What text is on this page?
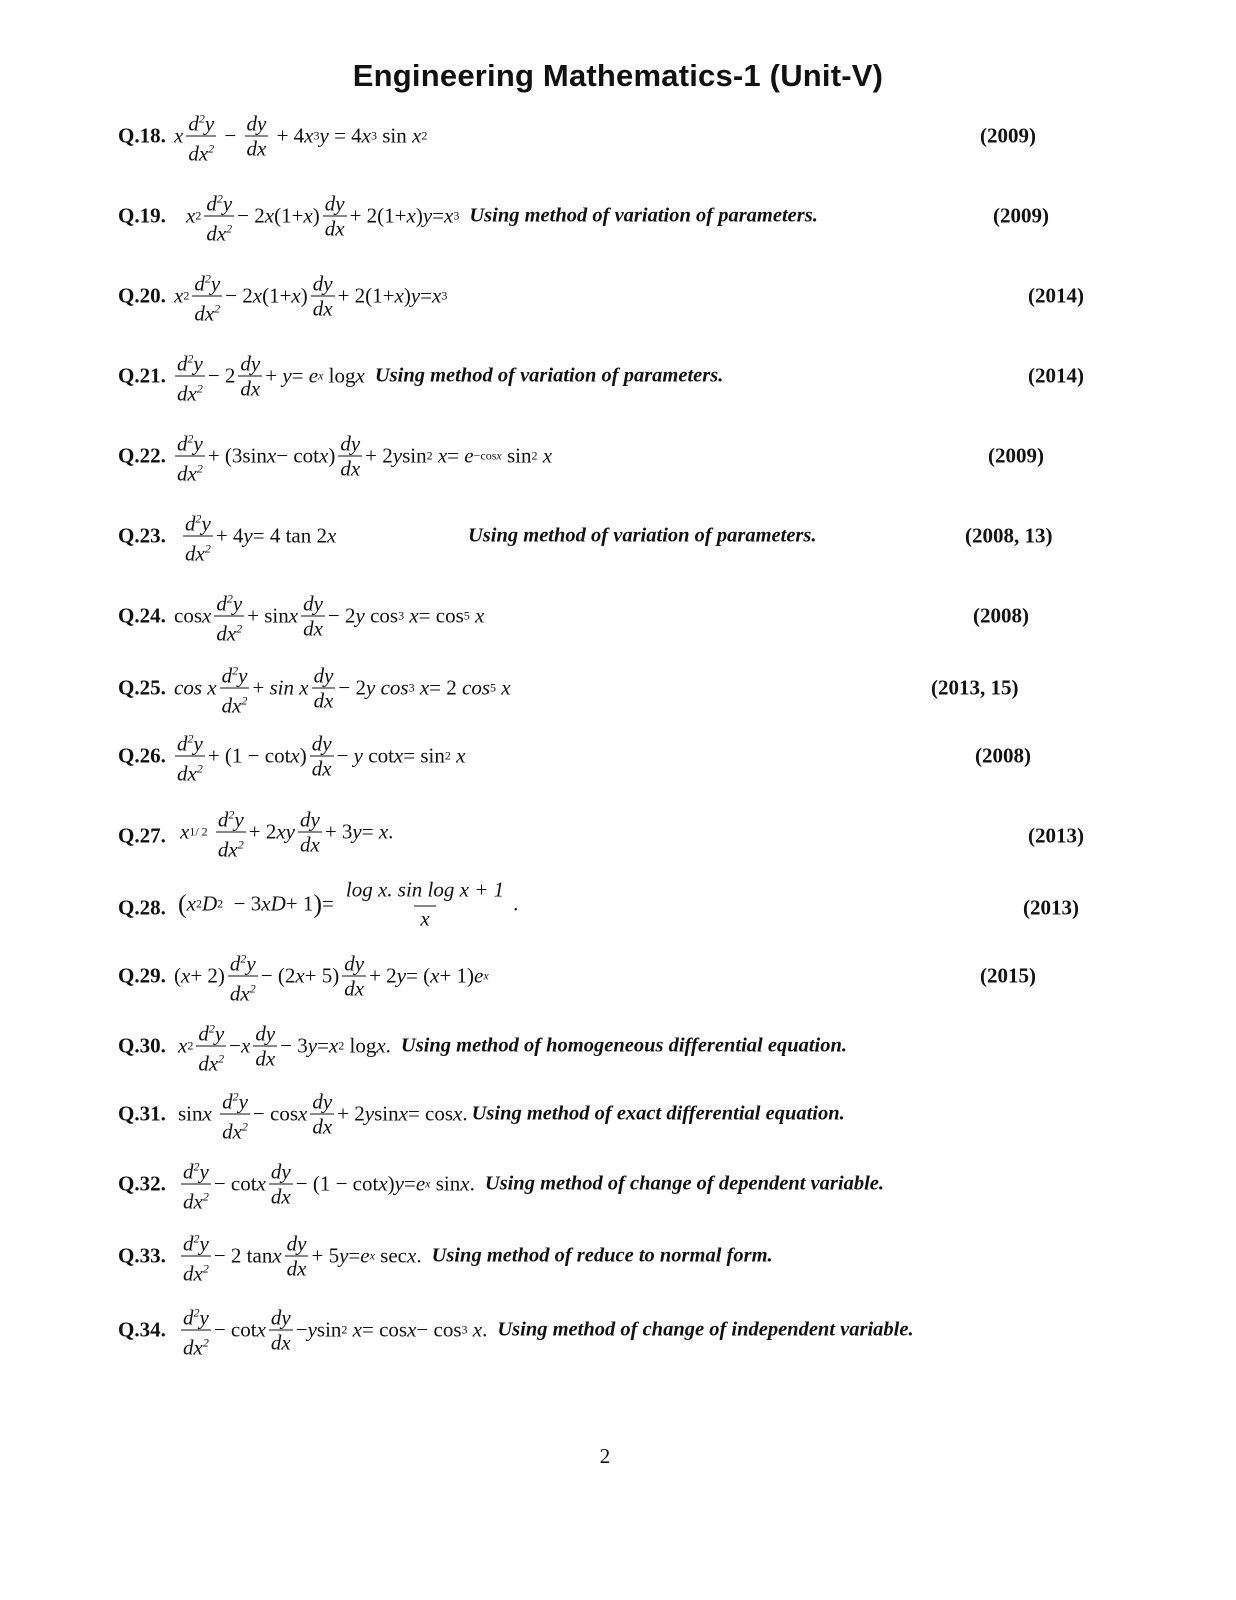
Engineering Mathematics-1 (Unit-V)
Q.18. x $\frac{d^2y}{dx^2} - \frac{dy}{dx} + 4$ x 3 y = 4 x 3 sin x 2	(2009)
Q.19. x $2 \frac{d^2y}{dx^2} - 2$ x (1+ x ) $\frac{dy}{dx} + 2(1+ x$ ) y = x 3 Using method of variation of parameters.	(2009)
Q.20. x $2 \frac{d^2y}{dx^2} - 2$ x (1+ x ) $\frac{dy}{dx} + 2(1+ x$ ) y = x 3	(2014)
Q.21. $\frac{d^2y}{dx^2} - 2 \frac{dy}{dx} + y = e$ x log x Using method of variation of parameters.	(2014)
Q.22. $\frac{d^2y}{dx^2} + (3\sin$ x − cot x ) $\frac{dy}{dx} + 2$ y sin 2 x = e −cosx sin 2 x	(2009)
Q.23. $\frac{d^2y}{dx^2} + 4$ y = 4 tan 2 x	Using method of variation of parameters.	(2008, 13)
Q.24. cos x $\frac{d^2y}{dx^2} + \sin x \frac{dy}{dx} - 2$ y cos 3 x = cos 5 x	(2008)
Q.25. cos x $\frac{d^2y}{dx^2} + \sin x \frac{dy}{dx} - 2$ y cos 3 x = 2 cos 5 x	(2013, 15)
Q.26. $\frac{d^2y}{dx^2} + (1 - \cot x$ ) $\frac{dy}{dx} - y$ cot x = sin 2 x	(2008)
Q.27. x 1/ 2
$\frac{d^2y}{dx^2} + 2$ xy $\frac{dy}{dx} + 3$ y = x .	(2013)
Q.28. ( x 2 D 2 − 3 xD + 1 ) = $\frac{\text{log x. sin log x + 1}}{x}$ .	(2013)
Q.29. ( $x + 2) \frac{d^2y}{dx^2} - (2$ $x + 5) \frac{dy}{dx} + 2$ y = ( x + 1) e x	(2015)
Q.30. x $2 \frac{d^2y}{dx^2} - x \frac{dy}{dx} - 3$ y = x 2 log x . Using method of homogeneous differential equation.
Q.31. sin x
$\frac{d^2y}{dx^2} - \cos x \frac{dy}{dx} + 2$ y sin x = cos x . Using method of exact differential equation.
Q.32. $\frac{d^2y}{dx^2} - \cot x \frac{dy}{dx} - (1 - \cot x$ ) y = e x sin x . Using method of change of dependent variable.
Q.33. $\frac{d^2y}{dx^2} - 2$ tan x $\frac{dy}{dx} + 5$ y = e x sec x . Using method of reduce to normal form.
Q.34. $\frac{d^2y}{dx^2} - \cot x \frac{dy}{dx} - y$ sin 2 x = cos x − cos 3 x . Using method of change of independent variable.
2
